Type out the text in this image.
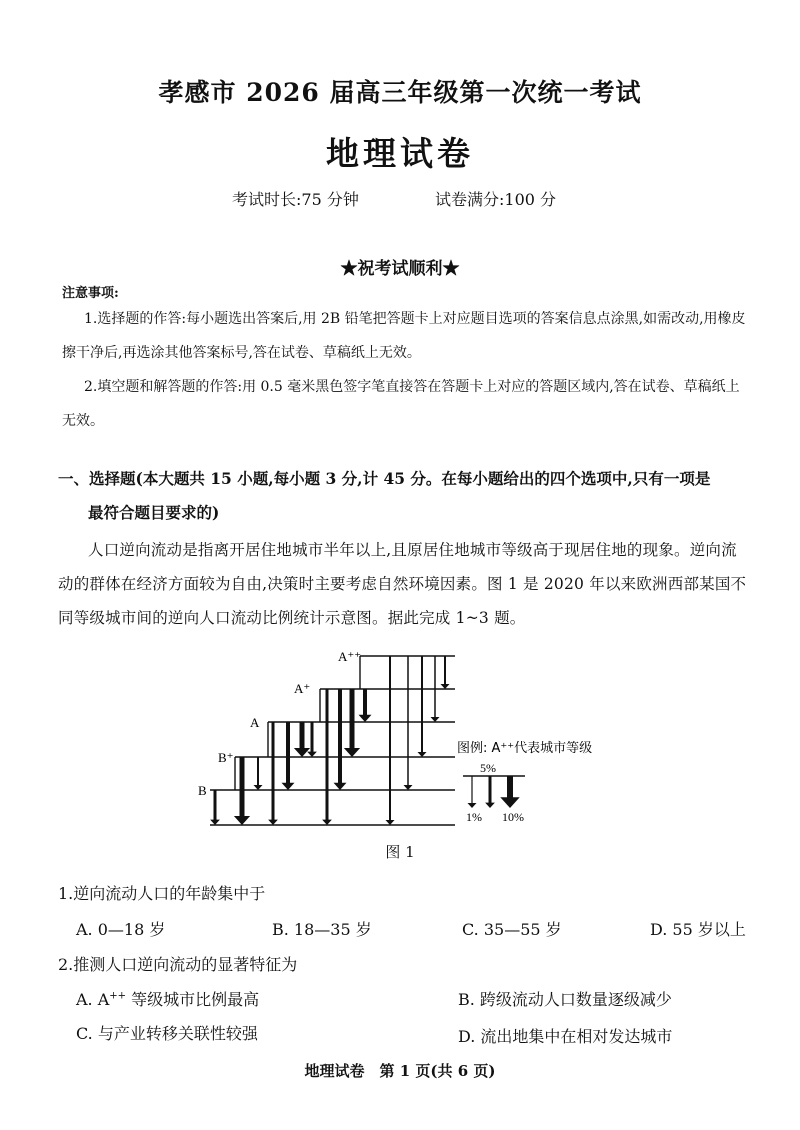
孝感市 2026 届高三年级第一次统一考试
地理试卷
考试时长:75 分钟	试卷满分:100 分
★祝考试顺利★
注意事项:
1.选择题的作答:每小题选出答案后,用 2B 铅笔把答题卡上对应题目选项的答案信息点涂黑,如需改动,用橡皮擦干净后,再选涂其他答案标号,答在试卷、草稿纸上无效。
2.填空题和解答题的作答:用 0.5 毫米黑色签字笔直接答在答题卡上对应的答题区域内,答在试卷、草稿纸上无效。
一、选择题(本大题共 15 小题,每小题 3 分,计 45 分。在每小题给出的四个选项中,只有一项是
最符合题目要求的)
人口逆向流动是指离开居住地城市半年以上,且原居住地城市等级高于现居住地的现象。逆向流动的群体在经济方面较为自由,决策时主要考虑自然环境因素。图 1 是 2020 年以来欧洲西部某国不同等级城市间的逆向人口流动比例统计示意图。据此完成 1~3 题。
B
B⁺
A
A⁺
A⁺⁺
图例: A⁺⁺代表城市等级
5%
1% 10%
图 1
1.逆向流动人口的年龄集中于
A. 0—18 岁	B. 18—35 岁	C. 35—55 岁	D. 55 岁以上
2.推测人口逆向流动的显著特征为
A. A++ 等级城市比例最高	B. 跨级流动人口数量逐级减少
C. 与产业转移关联性较强	D. 流出地集中在相对发达城市
地理试卷　第 1 页(共 6 页)
